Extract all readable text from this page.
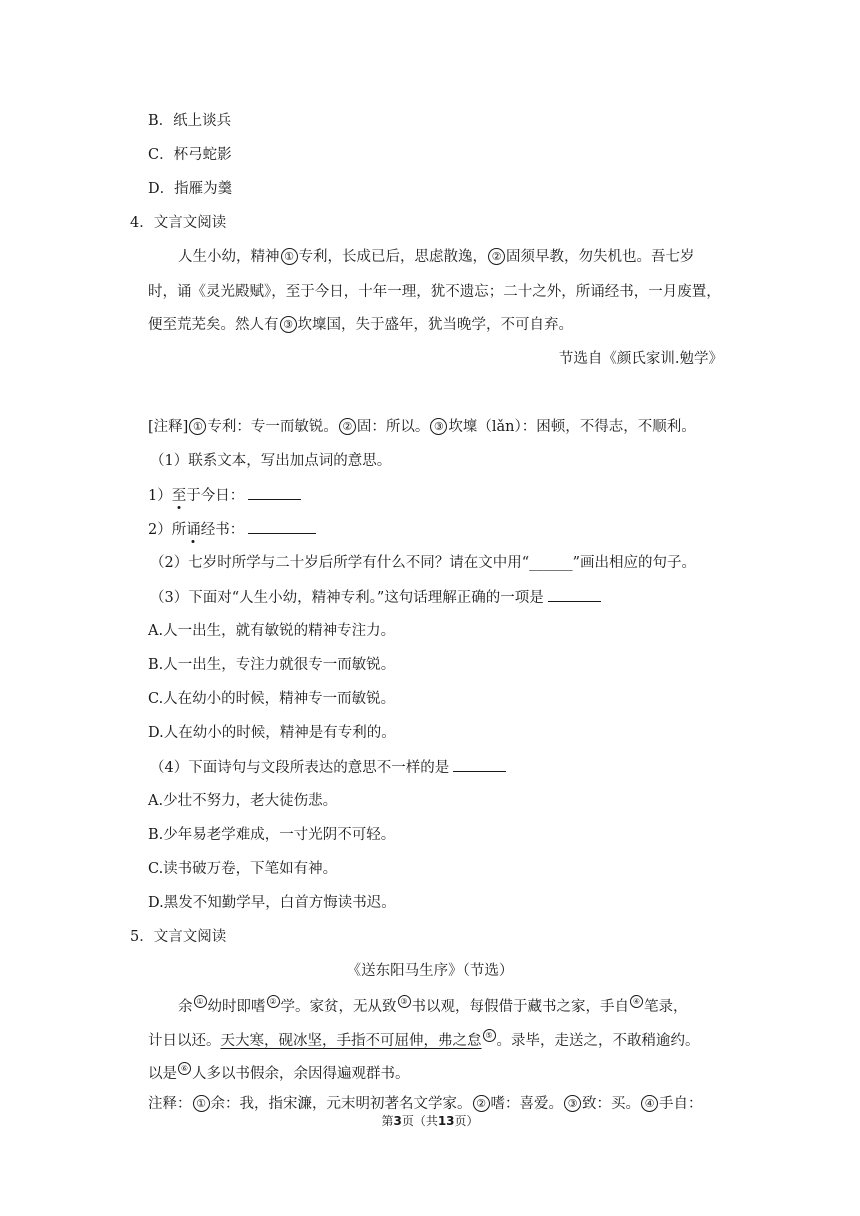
B．纸上谈兵
C．杯弓蛇影
D．指雁为羹
4．文言文阅读
人生小幼，精神 ① 专利，长成已后，思虑散逸， ② 固须早教，勿失机也。吾七岁
时，诵《灵光殿赋》，至于今日，十年一理，犹不遗忘；二十之外，所诵经书，一月废置，
便至荒芜矣。然人有 ③ 坎壈国，失于盛年，犹当晚学，不可自弃。
节选自《颜氏家训.勉学》
[注释] ① 专利：专一而敏锐。 ② 固：所以。 ③ 坎壈（lǎn）：困顿，不得志，不顺利。
（1）联系文本，写出加点词的意思。
1）至于今日：
2）所诵经书：
（2）七岁时所学与二十岁后所学有什么不同？请在文中用“______”画出相应的句子。
（3）下面对“人生小幼，精神专利。”这句话理解正确的一项是
A.人一出生，就有敏锐的精神专注力。
B.人一出生，专注力就很专一而敏锐。
C.人在幼小的时候，精神专一而敏锐。
D.人在幼小的时候，精神是有专利的。
（4）下面诗句与文段所表达的意思不一样的是
A.少壮不努力，老大徒伤悲。
B.少年易老学难成，一寸光阴不可轻。
C.读书破万卷，下笔如有神。
D.黑发不知勤学早，白首方悔读书迟。
5．文言文阅读
《送东阳马生序》（节选）
余 ① 幼时即嗜 ② 学。家贫，无从致 ③ 书以观，每假借于藏书之家，手自 ④ 笔录，
计日以还。天大寒，砚冰坚，手指不可屈伸，弗之怠 ⑤ 。录毕，走送之，不敢稍逾约。
以是 ⑥ 人多以书假余，余因得遍观群书。
注释： ① 余：我，指宋濂，元末明初著名文学家。 ② 嗜：喜爱。 ③ 致：买。 ④ 手自：
第3页（共13页）
